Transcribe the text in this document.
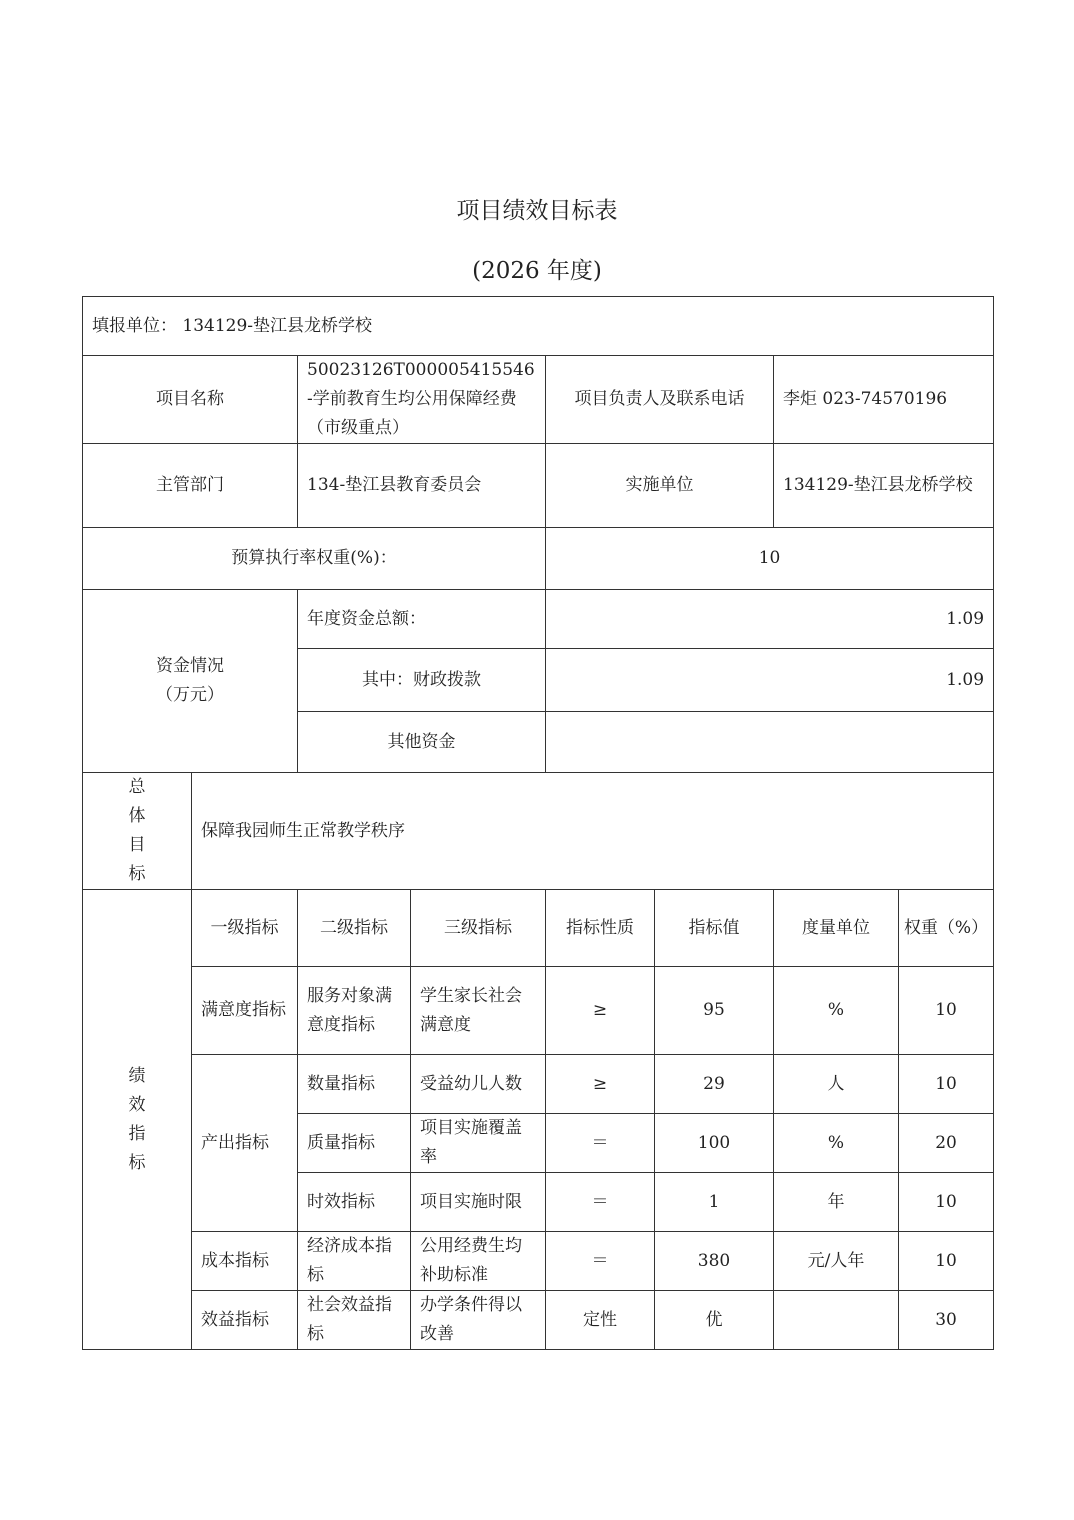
项目绩效目标表
(2026 年度)
填报单位： 134129-垫江县龙桥学校							
项目名称		50023126T000005415546-学前教育生均公用保障经费（市级重点）		项目负责人及联系电话		李炬 023-74570196	
主管部门		134-垫江县教育委员会		实施单位		134129-垫江县龙桥学校	
预算执行率权重(%)：				10			

资金情况
（万元）		年度资金总额：		1.09			
		其中：财政拨款		1.09			
		其他资金					

总
体
目
标	保障我园师生正常教学秩序						

绩
效
指
标	一级指标	二级指标	三级指标	指标性质	指标值	度量单位	权重（%）
	满意度指标	服务对象满意度指标	学生家长社会满意度	≥	95	%	10
	产出指标	数量指标	受益幼儿人数	≥	29	人	10
		质量指标	项目实施覆盖率	＝	100	%	20
		时效指标	项目实施时限	＝	1	年	10
	成本指标	经济成本指标	公用经费生均补助标准	＝	380	元/人年	10
	效益指标	社会效益指标	办学条件得以改善	定性	优		30
